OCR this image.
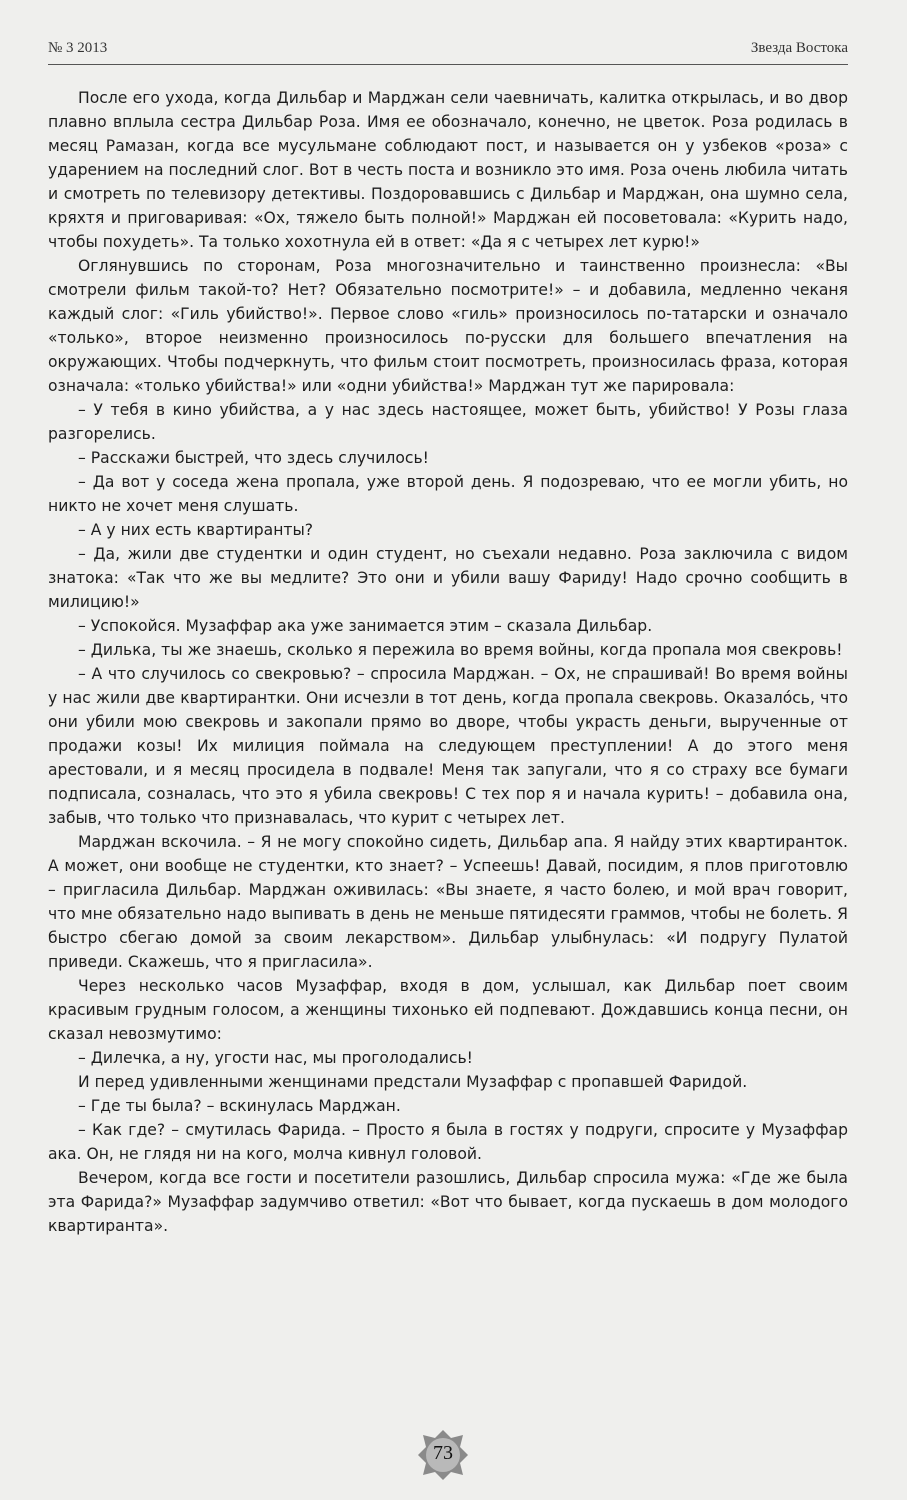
№ 3 2013	Звезда Востока

После его ухода, когда Дильбар и Марджан сели чаевничать, калитка открылась, и во двор плавно вплыла сестра Дильбар Роза. Имя ее обозначало, конечно, не цветок. Роза родилась в месяц Рамазан, когда все мусульмане соблюдают пост, и называется он у узбеков «роза» с ударением на последний слог. Вот в честь поста и возникло это имя. Роза очень любила читать и смотреть по телевизору детективы. Поздоровавшись с Дильбар и Марджан, она шумно села, кряхтя и приговаривая: «Ох, тяжело быть полной!» Марджан ей посоветовала: «Курить надо, чтобы похудеть». Та только хохотнула ей в ответ: «Да я с четырех лет курю!»

Оглянувшись по сторонам, Роза многозначительно и таинственно произнесла: «Вы смотрели фильм такой-то? Нет? Обязательно посмотрите!» – и добавила, медленно чеканя каждый слог: «Гиль убийство!». Первое слово «гиль» произносилось по-татарски и означало «только», второе неизменно произносилось по-русски для большего впечатления на окружающих. Чтобы подчеркнуть, что фильм стоит посмотреть, произносилась фраза, которая означала: «только убийства!» или «одни убийства!» Марджан тут же парировала:

– У тебя в кино убийства, а у нас здесь настоящее, может быть, убийство! У Розы глаза разгорелись.

– Расскажи быстрей, что здесь случилось!

– Да вот у соседа жена пропала, уже второй день. Я подозреваю, что ее могли убить, но никто не хочет меня слушать.

– А у них есть квартиранты?

– Да, жили две студентки и один студент, но съехали недавно. Роза заключила с видом знатока: «Так что же вы медлите? Это они и убили вашу Фариду! Надо срочно сообщить в милицию!»

– Успокойся. Музаффар ака уже занимается этим – сказала Дильбар.

– Дилька, ты же знаешь, сколько я пережила во время войны, когда пропала моя свекровь!

– А что случилось со свекровью? – спросила Марджан. – Ох, не спрашивай! Во время войны у нас жили две квартирантки. Они исчезли в тот день, когда пропала свекровь. Оказало́сь, что они убили мою свекровь и закопали прямо во дворе, чтобы украсть деньги, вырученные от продажи козы! Их милиция поймала на следующем преступлении! А до этого меня арестовали, и я месяц просидела в подвале! Меня так запугали, что я со страху все бумаги подписала, созналась, что это я убила свекровь! С тех пор я и начала курить! – добавила она, забыв, что только что признавалась, что курит с четырех лет.

Марджан вскочила. – Я не могу спокойно сидеть, Дильбар апа. Я найду этих квартиранток. А может, они вообще не студентки, кто знает? – Успеешь! Давай, посидим, я плов приготовлю – пригласила Дильбар. Марджан оживилась: «Вы знаете, я часто болею, и мой врач говорит, что мне обязательно надо выпивать в день не меньше пятидесяти граммов, чтобы не болеть. Я быстро сбегаю домой за своим лекарством». Дильбар улыбнулась: «И подругу Пулатой приведи. Скажешь, что я пригласила».

Через несколько часов Музаффар, входя в дом, услышал, как Дильбар поет своим красивым грудным голосом, а женщины тихонько ей подпевают. Дождавшись конца песни, он сказал невозмутимо:

– Дилечка, а ну, угости нас, мы проголодались!

И перед удивленными женщинами предстали Музаффар с пропавшей Фаридой.

– Где ты была? – вскинулась Марджан.

– Как где? – смутилась Фарида. – Просто я была в гостях у подруги, спросите у Музаффар ака. Он, не глядя ни на кого, молча кивнул головой.

Вечером, когда все гости и посетители разошлись, Дильбар спросила мужа: «Где же была эта Фарида?» Музаффар задумчиво ответил: «Вот что бывает, когда пускаешь в дом молодого квартиранта».

73
